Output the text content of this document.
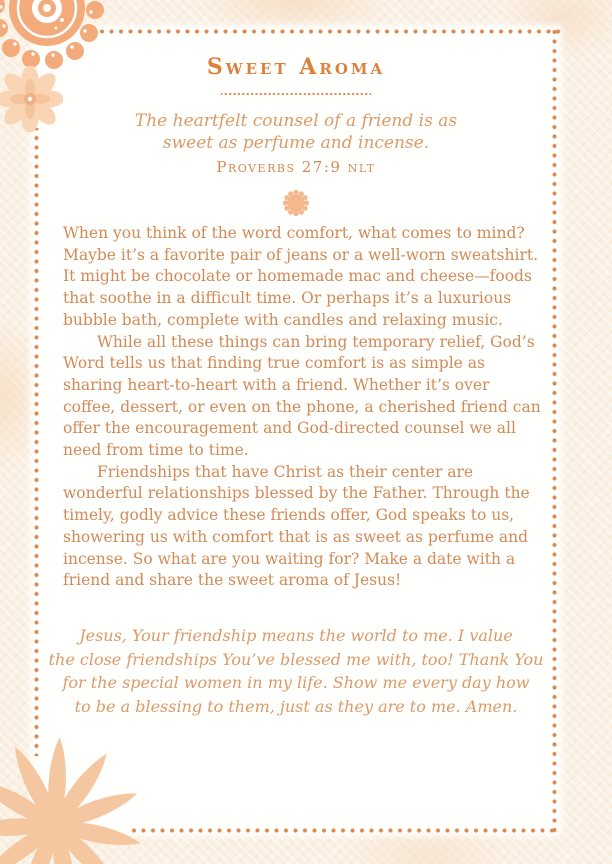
Sweet Aroma
The heartfelt counsel of a friend is as
sweet as perfume and incense.
Proverbs 27:9 nlt

When you think of the word comfort, what comes to mind? Maybe it’s a favorite pair of jeans or a well-worn sweatshirt. It might be chocolate or homemade mac and cheese—foods that soothe in a difficult time. Or perhaps it’s a luxurious bubble bath, complete with candles and relaxing music.

While all these things can bring temporary relief, God’s Word tells us that finding true comfort is as simple as sharing heart-to-heart with a friend. Whether it’s over coffee, dessert, or even on the phone, a cherished friend can offer the encouragement and God-directed counsel we all need from time to time.

Friendships that have Christ as their center are wonderful relationships blessed by the Father. Through the timely, godly advice these friends offer, God speaks to us, showering us with comfort that is as sweet as perfume and incense. So what are you waiting for? Make a date with a friend and share the sweet aroma of Jesus!

Jesus, Your friendship means the world to me. I value
the close friendships You’ve blessed me with, too! Thank You
for the special women in my life. Show me every day how
to be a blessing to them, just as they are to me. Amen.
